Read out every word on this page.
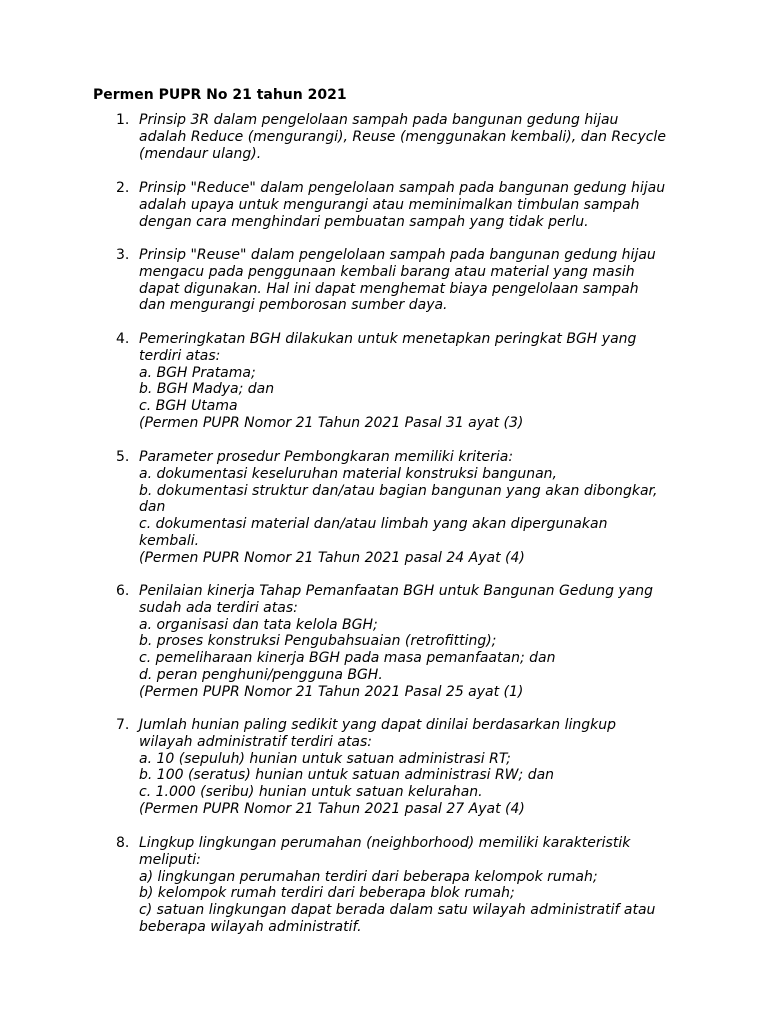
Permen PUPR No 21 tahun 2021
1. Prinsip 3R dalam pengelolaan sampah pada bangunan gedung hijau
adalah Reduce (mengurangi), Reuse (menggunakan kembali), dan Recycle
(mendaur ulang).
2. Prinsip "Reduce" dalam pengelolaan sampah pada bangunan gedung hijau
adalah upaya untuk mengurangi atau meminimalkan timbulan sampah
dengan cara menghindari pembuatan sampah yang tidak perlu.
3. Prinsip "Reuse" dalam pengelolaan sampah pada bangunan gedung hijau
mengacu pada penggunaan kembali barang atau material yang masih
dapat digunakan. Hal ini dapat menghemat biaya pengelolaan sampah
dan mengurangi pemborosan sumber daya.
4. Pemeringkatan BGH dilakukan untuk menetapkan peringkat BGH yang
terdiri atas:
a. BGH Pratama;
b. BGH Madya; dan
c. BGH Utama
(Permen PUPR Nomor 21 Tahun 2021 Pasal 31 ayat (3)
5. Parameter prosedur Pembongkaran memiliki kriteria:
a. dokumentasi keseluruhan material konstruksi bangunan,
b. dokumentasi struktur dan/atau bagian bangunan yang akan dibongkar,
dan
c. dokumentasi material dan/atau limbah yang akan dipergunakan
kembali.
(Permen PUPR Nomor 21 Tahun 2021 pasal 24 Ayat (4)
6. Penilaian kinerja Tahap Pemanfaatan BGH untuk Bangunan Gedung yang
sudah ada terdiri atas:
a. organisasi dan tata kelola BGH;
b. proses konstruksi Pengubahsuaian (retrofitting);
c. pemeliharaan kinerja BGH pada masa pemanfaatan; dan
d. peran penghuni/pengguna BGH.
(Permen PUPR Nomor 21 Tahun 2021 Pasal 25 ayat (1)
7. Jumlah hunian paling sedikit yang dapat dinilai berdasarkan lingkup
wilayah administratif terdiri atas:
a. 10 (sepuluh) hunian untuk satuan administrasi RT;
b. 100 (seratus) hunian untuk satuan administrasi RW; dan
c. 1.000 (seribu) hunian untuk satuan kelurahan.
(Permen PUPR Nomor 21 Tahun 2021 pasal 27 Ayat (4)
8. Lingkup lingkungan perumahan (neighborhood) memiliki karakteristik
meliputi:
a) lingkungan perumahan terdiri dari beberapa kelompok rumah;
b) kelompok rumah terdiri dari beberapa blok rumah;
c) satuan lingkungan dapat berada dalam satu wilayah administratif atau
beberapa wilayah administratif.
